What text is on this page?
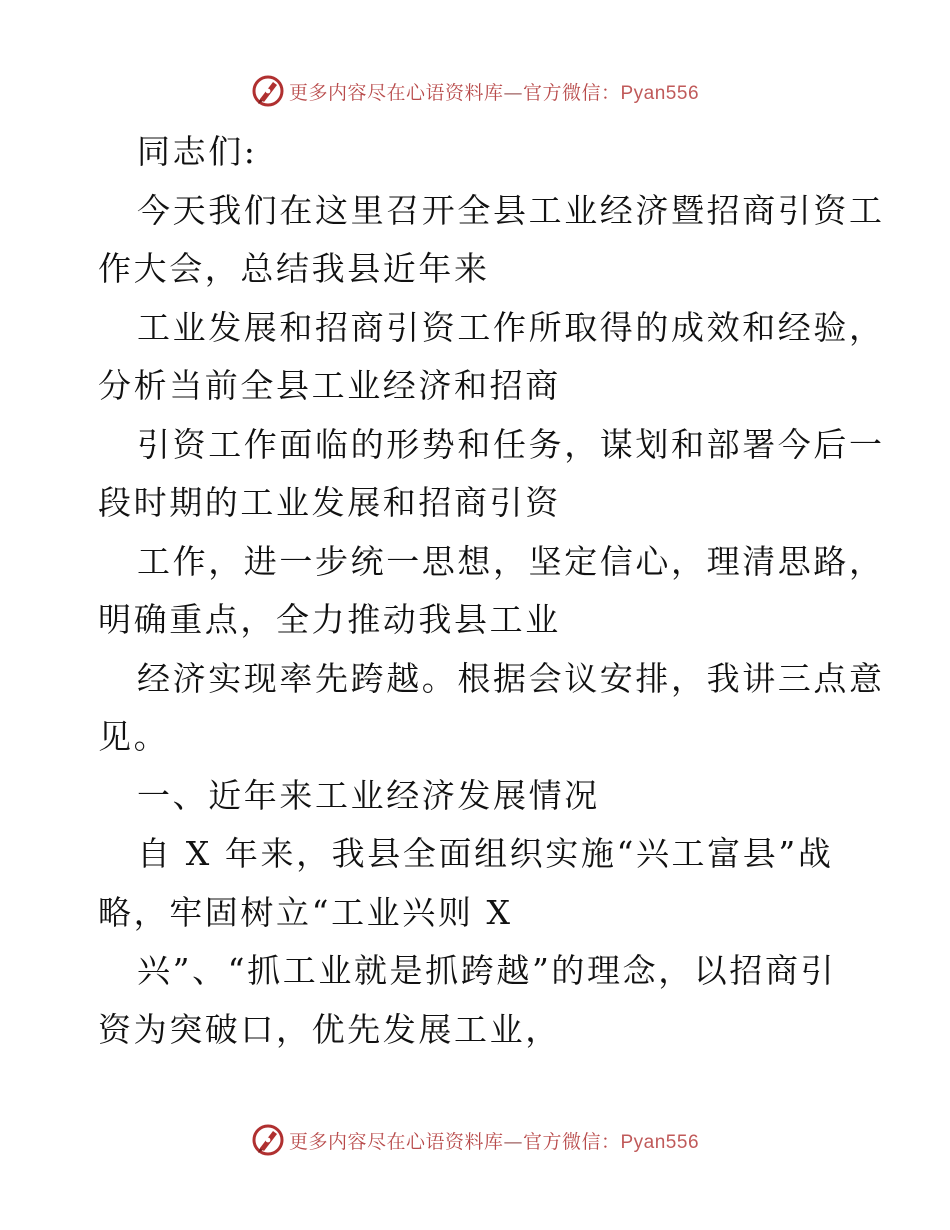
更多内容尽在心语资料库—官方微信：Pyan556
同志们:
今天我们在这里召开全县工业经济暨招商引资工
作大会，总结我县近年来
工业发展和招商引资工作所取得的成效和经验，
分析当前全县工业经济和招商
引资工作面临的形势和任务，谋划和部署今后一
段时期的工业发展和招商引资
工作，进一步统一思想，坚定信心，理清思路，
明确重点，全力推动我县工业
经济实现率先跨越。根据会议安排，我讲三点意
见。
一、近年来工业经济发展情况
自 X 年来，我县全面组织实施“兴工富县”战
略，牢固树立“工业兴则 X
兴”、“抓工业就是抓跨越”的理念，以招商引
资为突破口，优先发展工业，
更多内容尽在心语资料库—官方微信：Pyan556
